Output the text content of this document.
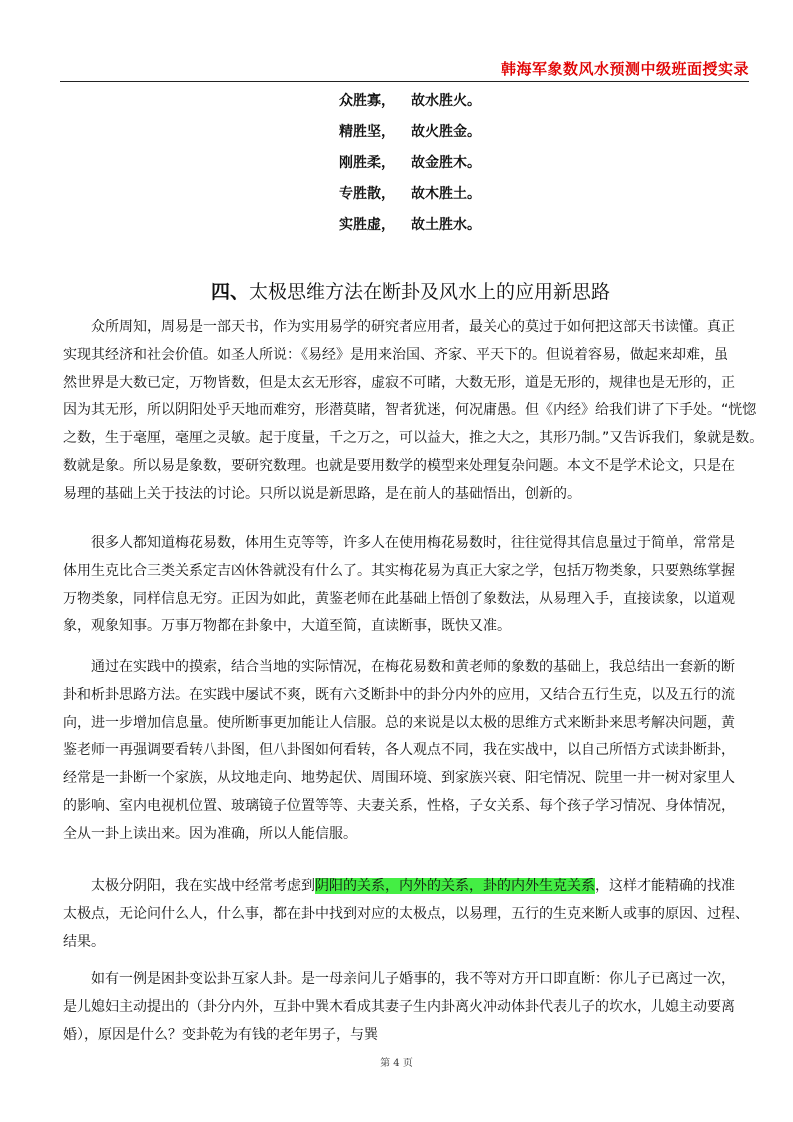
韩海军象数风水预测中级班面授实录
众胜寡， 故水胜火。
精胜坚， 故火胜金。
刚胜柔， 故金胜木。
专胜散， 故木胜土。
实胜虚， 故土胜水。
四、太极思维方法在断卦及风水上的应用新思路
众所周知，周易是一部天书，作为实用易学的研究者应用者，最关心的莫过于如何把这部天书读懂。真正
实现其经济和社会价值。如圣人所说：《易经》是用来治国、齐家、平天下的。但说着容易，做起来却难，虽
然世界是大数已定，万物皆数，但是太玄无形容，虚寂不可睹，大数无形，道是无形的，规律也是无形的，正
因为其无形，所以阴阳处乎天地而难穷，形潜莫睹，智者犹迷，何况庸愚。但《内经》给我们讲了下手处。“恍惚
之数，生于毫厘，毫厘之灵敏。起于度量，千之万之，可以益大，推之大之，其形乃制。”又告诉我们，象就是数。
数就是象。所以易是象数，要研究数理。也就是要用数学的模型来处理复杂问题。本文不是学术论文，只是在
易理的基础上关于技法的讨论。只所以说是新思路，是在前人的基础悟出，创新的。
很多人都知道梅花易数，体用生克等等，许多人在使用梅花易数时，往往觉得其信息量过于简单，常常是
体用生克比合三类关系定吉凶休咎就没有什么了。其实梅花易为真正大家之学，包括万物类象，只要熟练掌握
万物类象，同样信息无穷。正因为如此，黄鉴老师在此基础上悟创了象数法，从易理入手，直接读象，以道观
象，观象知事。万事万物都在卦象中，大道至简，直读断事，既快又准。
通过在实践中的摸索，结合当地的实际情况，在梅花易数和黄老师的象数的基础上，我总结出一套新的断
卦和析卦思路方法。在实践中屡试不爽，既有六爻断卦中的卦分内外的应用，又结合五行生克，以及五行的流
向，进一步增加信息量。使所断事更加能让人信服。总的来说是以太极的思维方式来断卦来思考解决问题，黄
鉴老师一再强调要看转八卦图，但八卦图如何看转，各人观点不同，我在实战中，以自己所悟方式读卦断卦，
经常是一卦断一个家族，从坟地走向、地势起伏、周围环境、到家族兴衰、阳宅情况、院里一井一树对家里人
的影响、室内电视机位置、玻璃镜子位置等等、夫妻关系，性格，子女关系、每个孩子学习情况、身体情况，
全从一卦上读出来。因为准确，所以人能信服。
太极分阴阳，我在实战中经常考虑到阴阳的关系，内外的关系，卦的内外生克关系，这样才能精确的找准
太极点，无论问什么人，什么事，都在卦中找到对应的太极点，以易理，五行的生克来断人或事的原因、过程、
结果。
如有一例是困卦变讼卦互家人卦。是一母亲问儿子婚事的，我不等对方开口即直断：你儿子已离过一次，
是儿媳妇主动提出的（卦分内外，互卦中巽木看成其妻子生内卦离火冲动体卦代表儿子的坎水，儿媳主动要离
婚），原因是什么？变卦乾为有钱的老年男子，与巽
第 4 页
